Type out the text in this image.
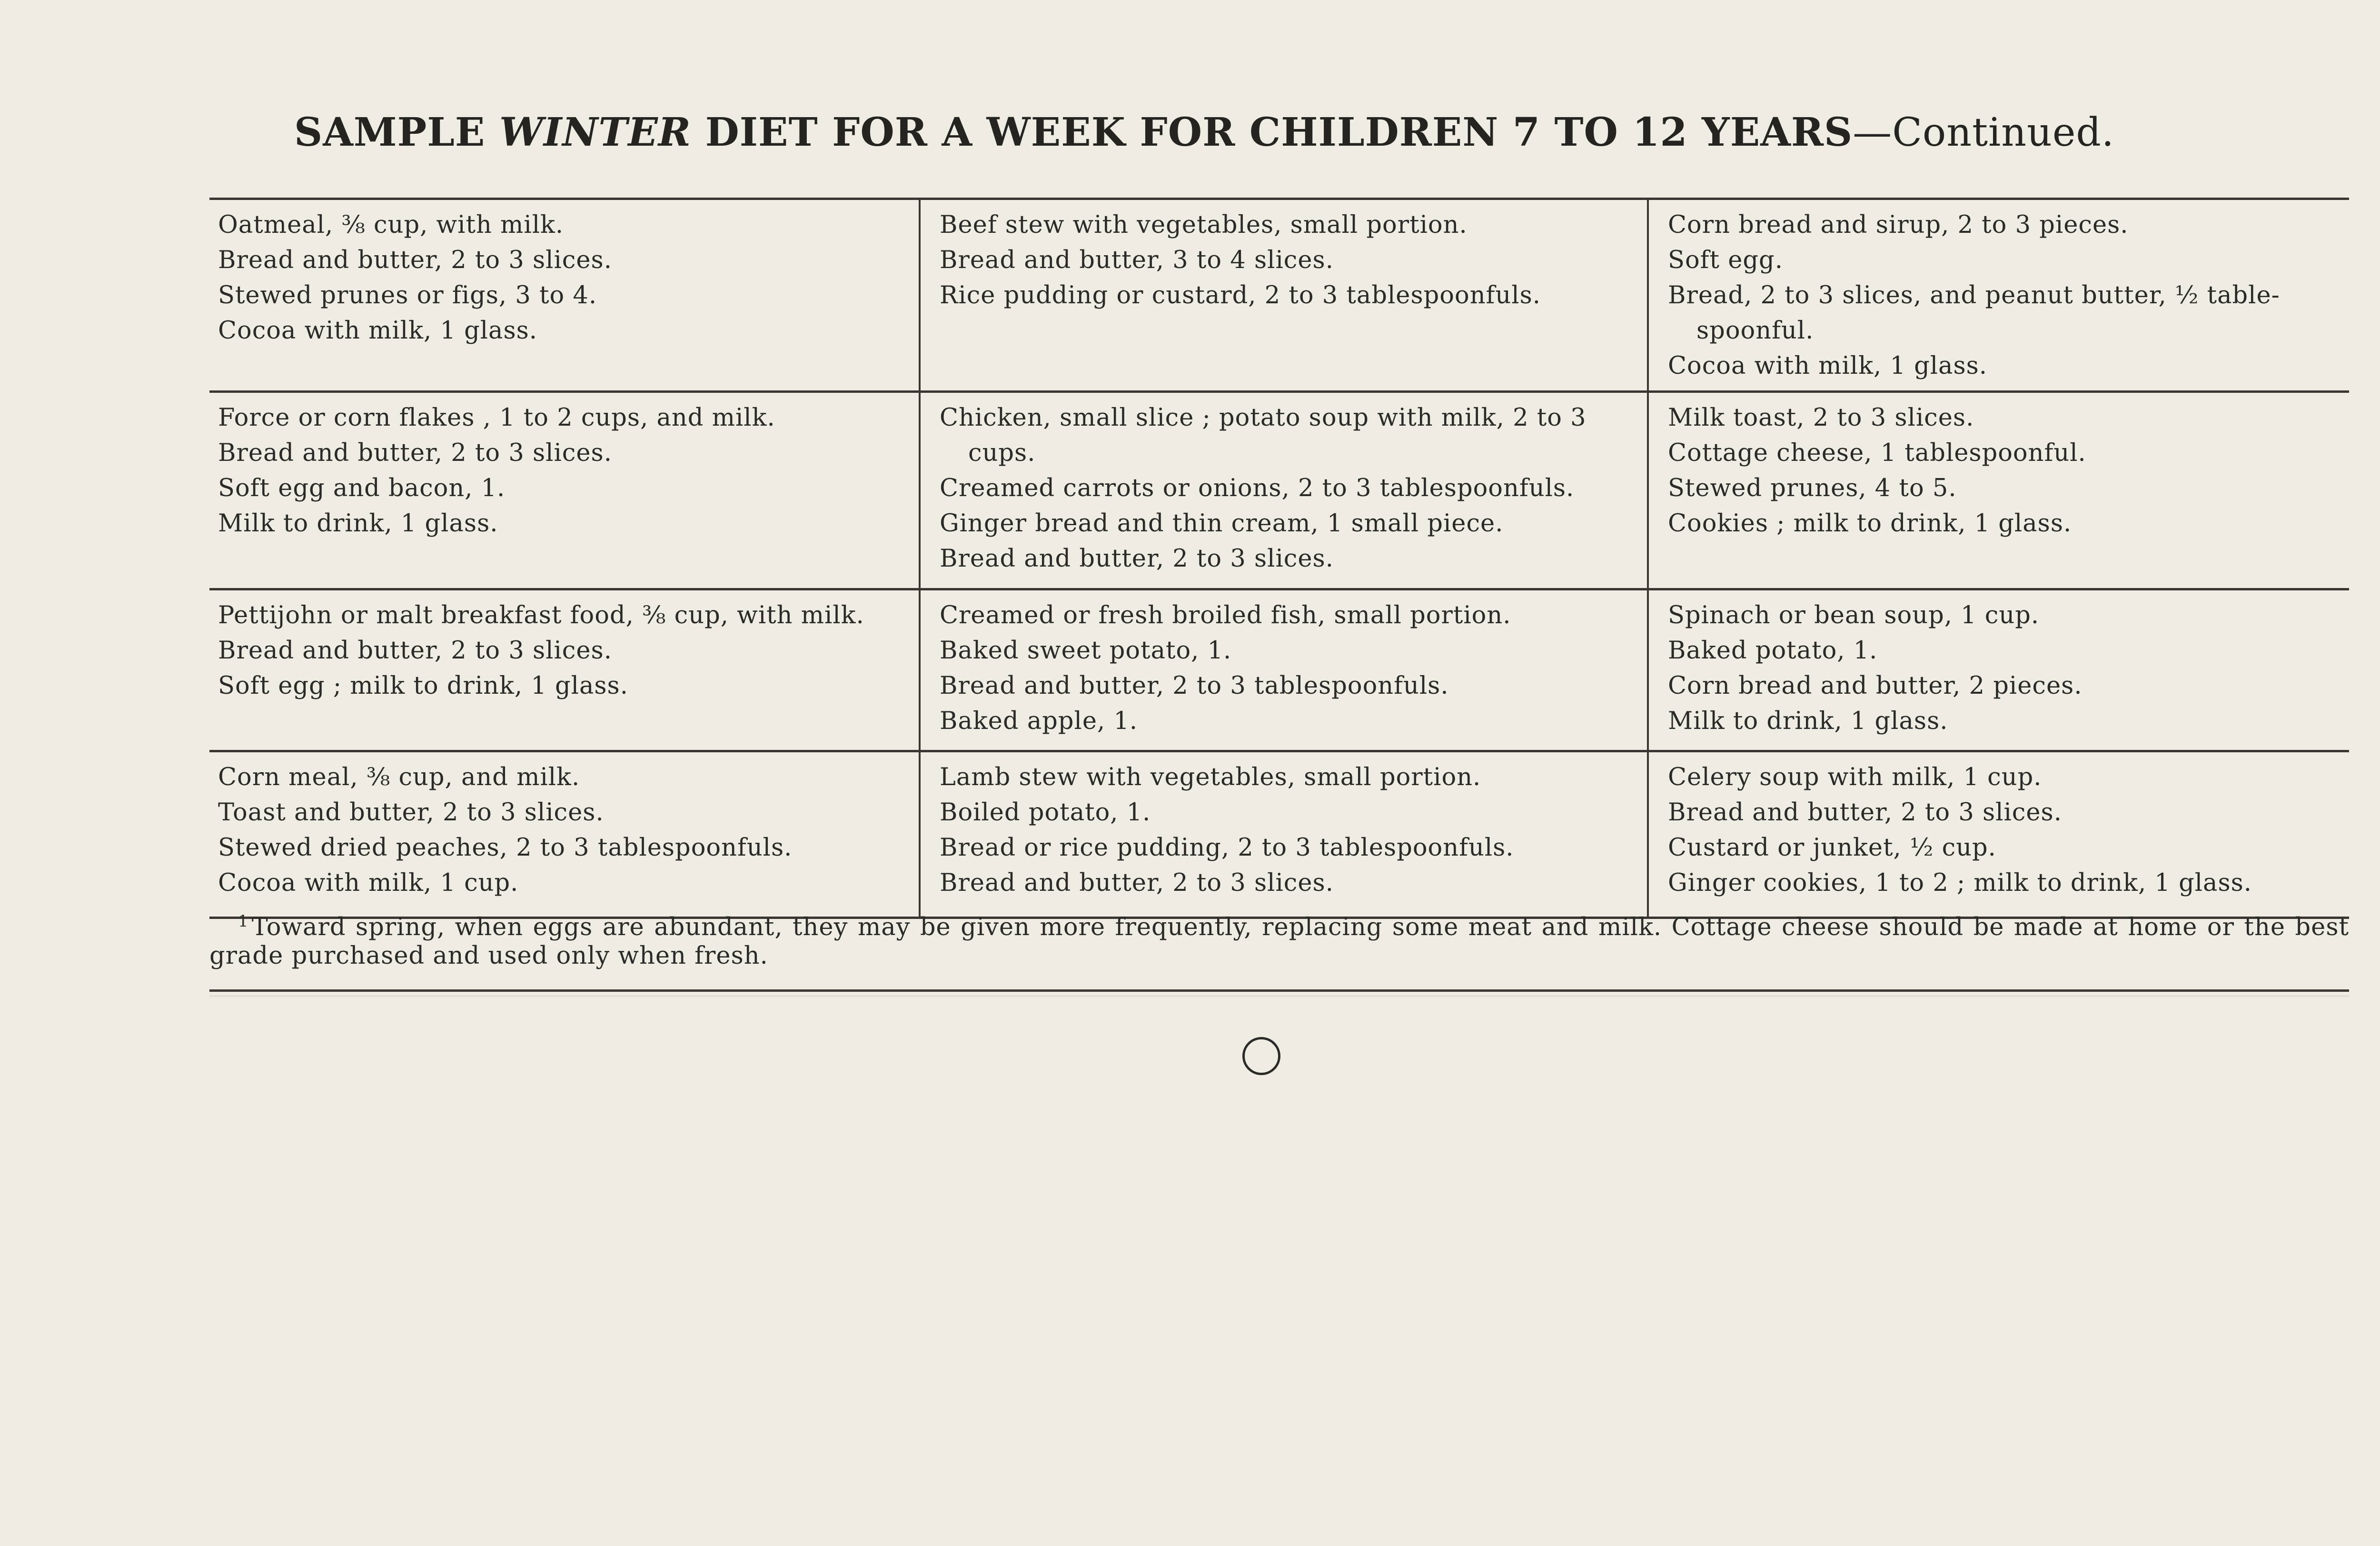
SAMPLE WINTER DIET FOR A WEEK FOR CHILDREN 7 TO 12 YEARS—Continued.
Oatmeal, ⅜ cup, with milk.
Bread and butter, 2 to 3 slices.
Stewed prunes or figs, 3 to 4.
Cocoa with milk, 1 glass.
Beef stew with vegetables, small portion.
Bread and butter, 3 to 4 slices.
Rice pudding or custard, 2 to 3 tablespoonfuls.
Corn bread and sirup, 2 to 3 pieces.
Soft egg.
Bread, 2 to 3 slices, and peanut butter, ½ table-
spoonful.
Cocoa with milk, 1 glass.
Force or corn flakes , 1 to 2 cups, and milk.
Bread and butter, 2 to 3 slices.
Soft egg and bacon, 1.
Milk to drink, 1 glass.
Chicken, small slice ; potato soup with milk, 2 to 3
cups.
Creamed carrots or onions, 2 to 3 tablespoonfuls.
Ginger bread and thin cream, 1 small piece.
Bread and butter, 2 to 3 slices.
Milk toast, 2 to 3 slices.
Cottage cheese, 1 tablespoonful.
Stewed prunes, 4 to 5.
Cookies ; milk to drink, 1 glass.
Pettijohn or malt breakfast food, ⅜ cup, with milk.
Bread and butter, 2 to 3 slices.
Soft egg ; milk to drink, 1 glass.
Creamed or fresh broiled fish, small portion.
Baked sweet potato, 1.
Bread and butter, 2 to 3 tablespoonfuls.
Baked apple, 1.
Spinach or bean soup, 1 cup.
Baked potato, 1.
Corn bread and butter, 2 pieces.
Milk to drink, 1 glass.
Corn meal, ⅜ cup, and milk.
Toast and butter, 2 to 3 slices.
Stewed dried peaches, 2 to 3 tablespoonfuls.
Cocoa with milk, 1 cup.
Lamb stew with vegetables, small portion.
Boiled potato, 1.
Bread or rice pudding, 2 to 3 tablespoonfuls.
Bread and butter, 2 to 3 slices.
Celery soup with milk, 1 cup.
Bread and butter, 2 to 3 slices.
Custard or junket, ½ cup.
Ginger cookies, 1 to 2 ; milk to drink, 1 glass.
$^1$ Toward spring, when eggs are abundant, they may be given more frequently, replacing some meat and milk. Cottage cheese should be made at home or the best grade purchased and used only when fresh.
